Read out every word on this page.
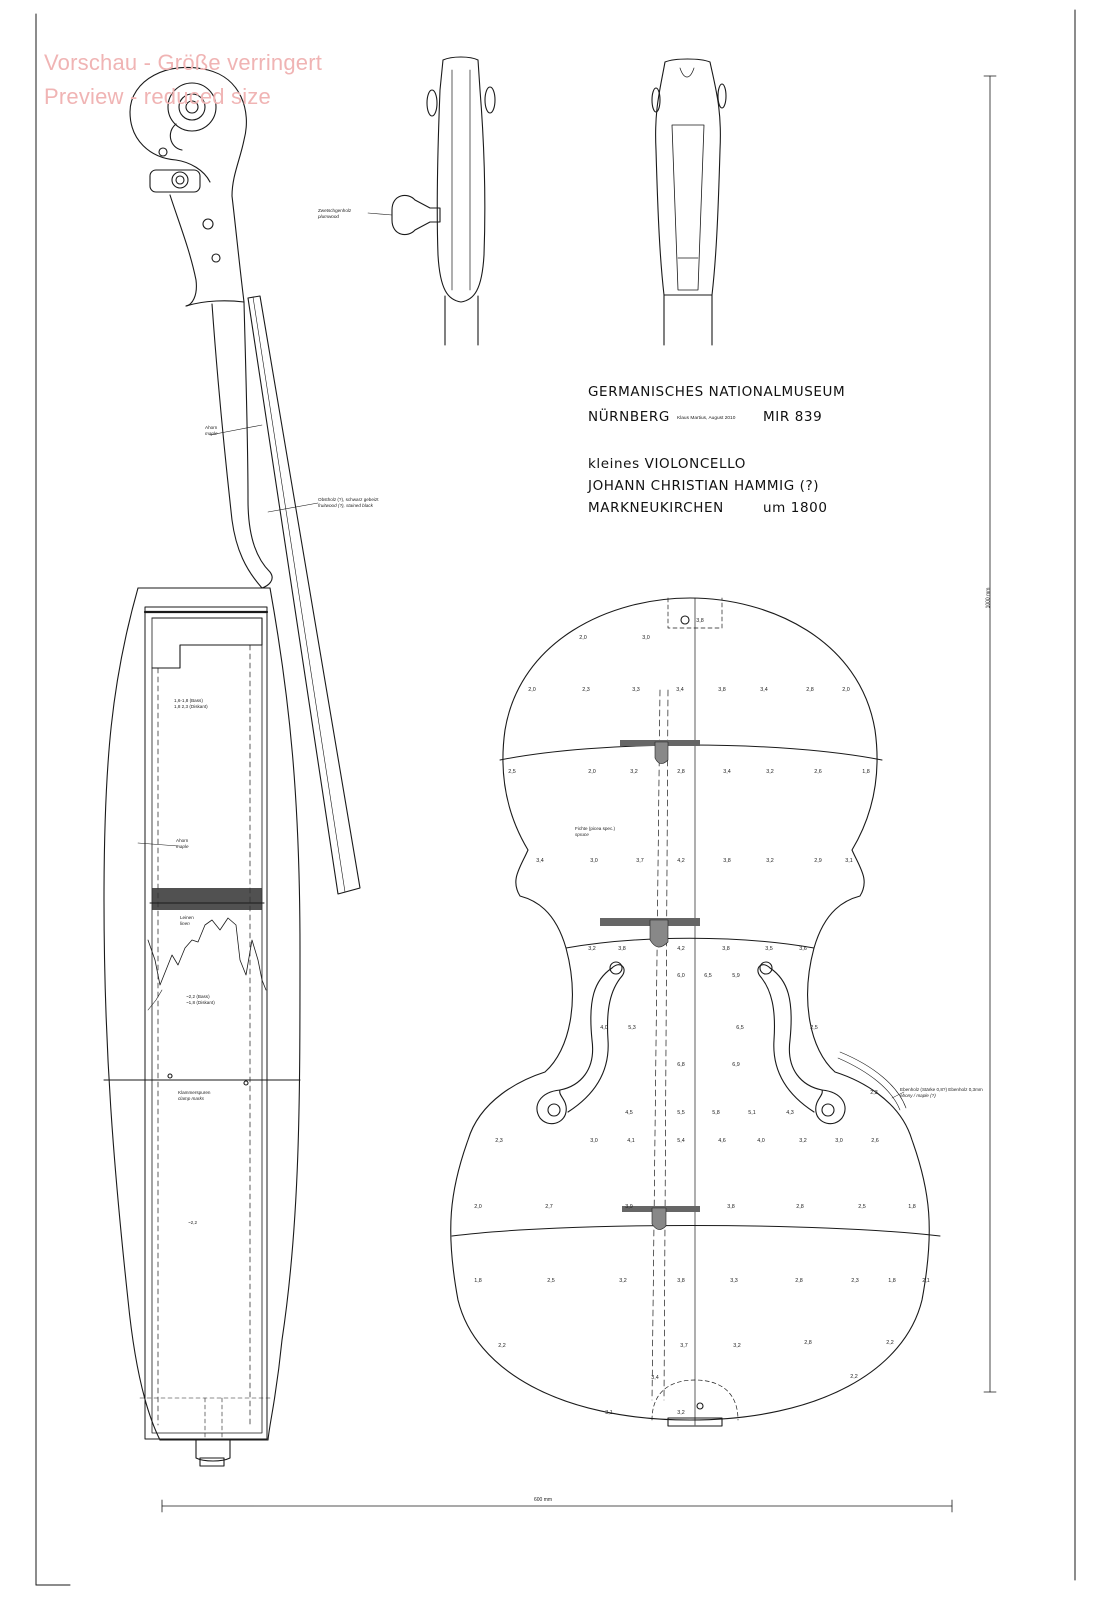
Vorschau - Größe verringert
Preview - reduced size
GERMANISCHES NATIONALMUSEUM
NÜRNBERG Klaus Martius, August 2010 MIR 839
kleines VIOLONCELLO
JOHANN CHRISTIAN HAMMIG (?)
MARKNEUKIRCHEN	um 1800
Zwetschgenholz
plumwood
Ahorn
maple
Obstholz (?), schwarz gebeizt
fruitwood (?), stained black
1,6-1,8 (Bass)
1,8 2,3 (Diskant)
Ahorn
maple
Leinen
linen
~2,2 (Bass)
~1,8 (Diskant)
Klammerspuren
clamp marks
~2,2
Fichte (picea spec.)
spruce
Ebenholz (Stärke 0,8?) Ebenholz 0,3mm
ebony / maple (?)
1000 mm
600 mm
2,0	3,0
3,8
2,0	2,3	3,3	3,4	3,8	3,4	2,8	2,0
2,5	2,0	3,2	2,8	3,4	3,2	2,6	1,8
3,4	3,0	3,7	4,2	3,8	3,2	2,9	3,1
3,2	3,8	4,2	3,8	3,5	3,6
6,0	6,5	5,9
4,0	5,3	6,5	2,5
6,8	6,9
2,3
4,5	5,5	5,8	5,1	4,3
2,3	3,0	4,1	5,4	4,6	4,0	3,2	3,0	2,6
2,0	2,7	3,9	3,8	2,8	2,5	1,8
1,8	2,5	3,2	3,8	3,3	2,8	2,3	1,8	2,1
2,2	3,7	3,2	2,8	2,2
3,4	2,2
3,1	3,2
